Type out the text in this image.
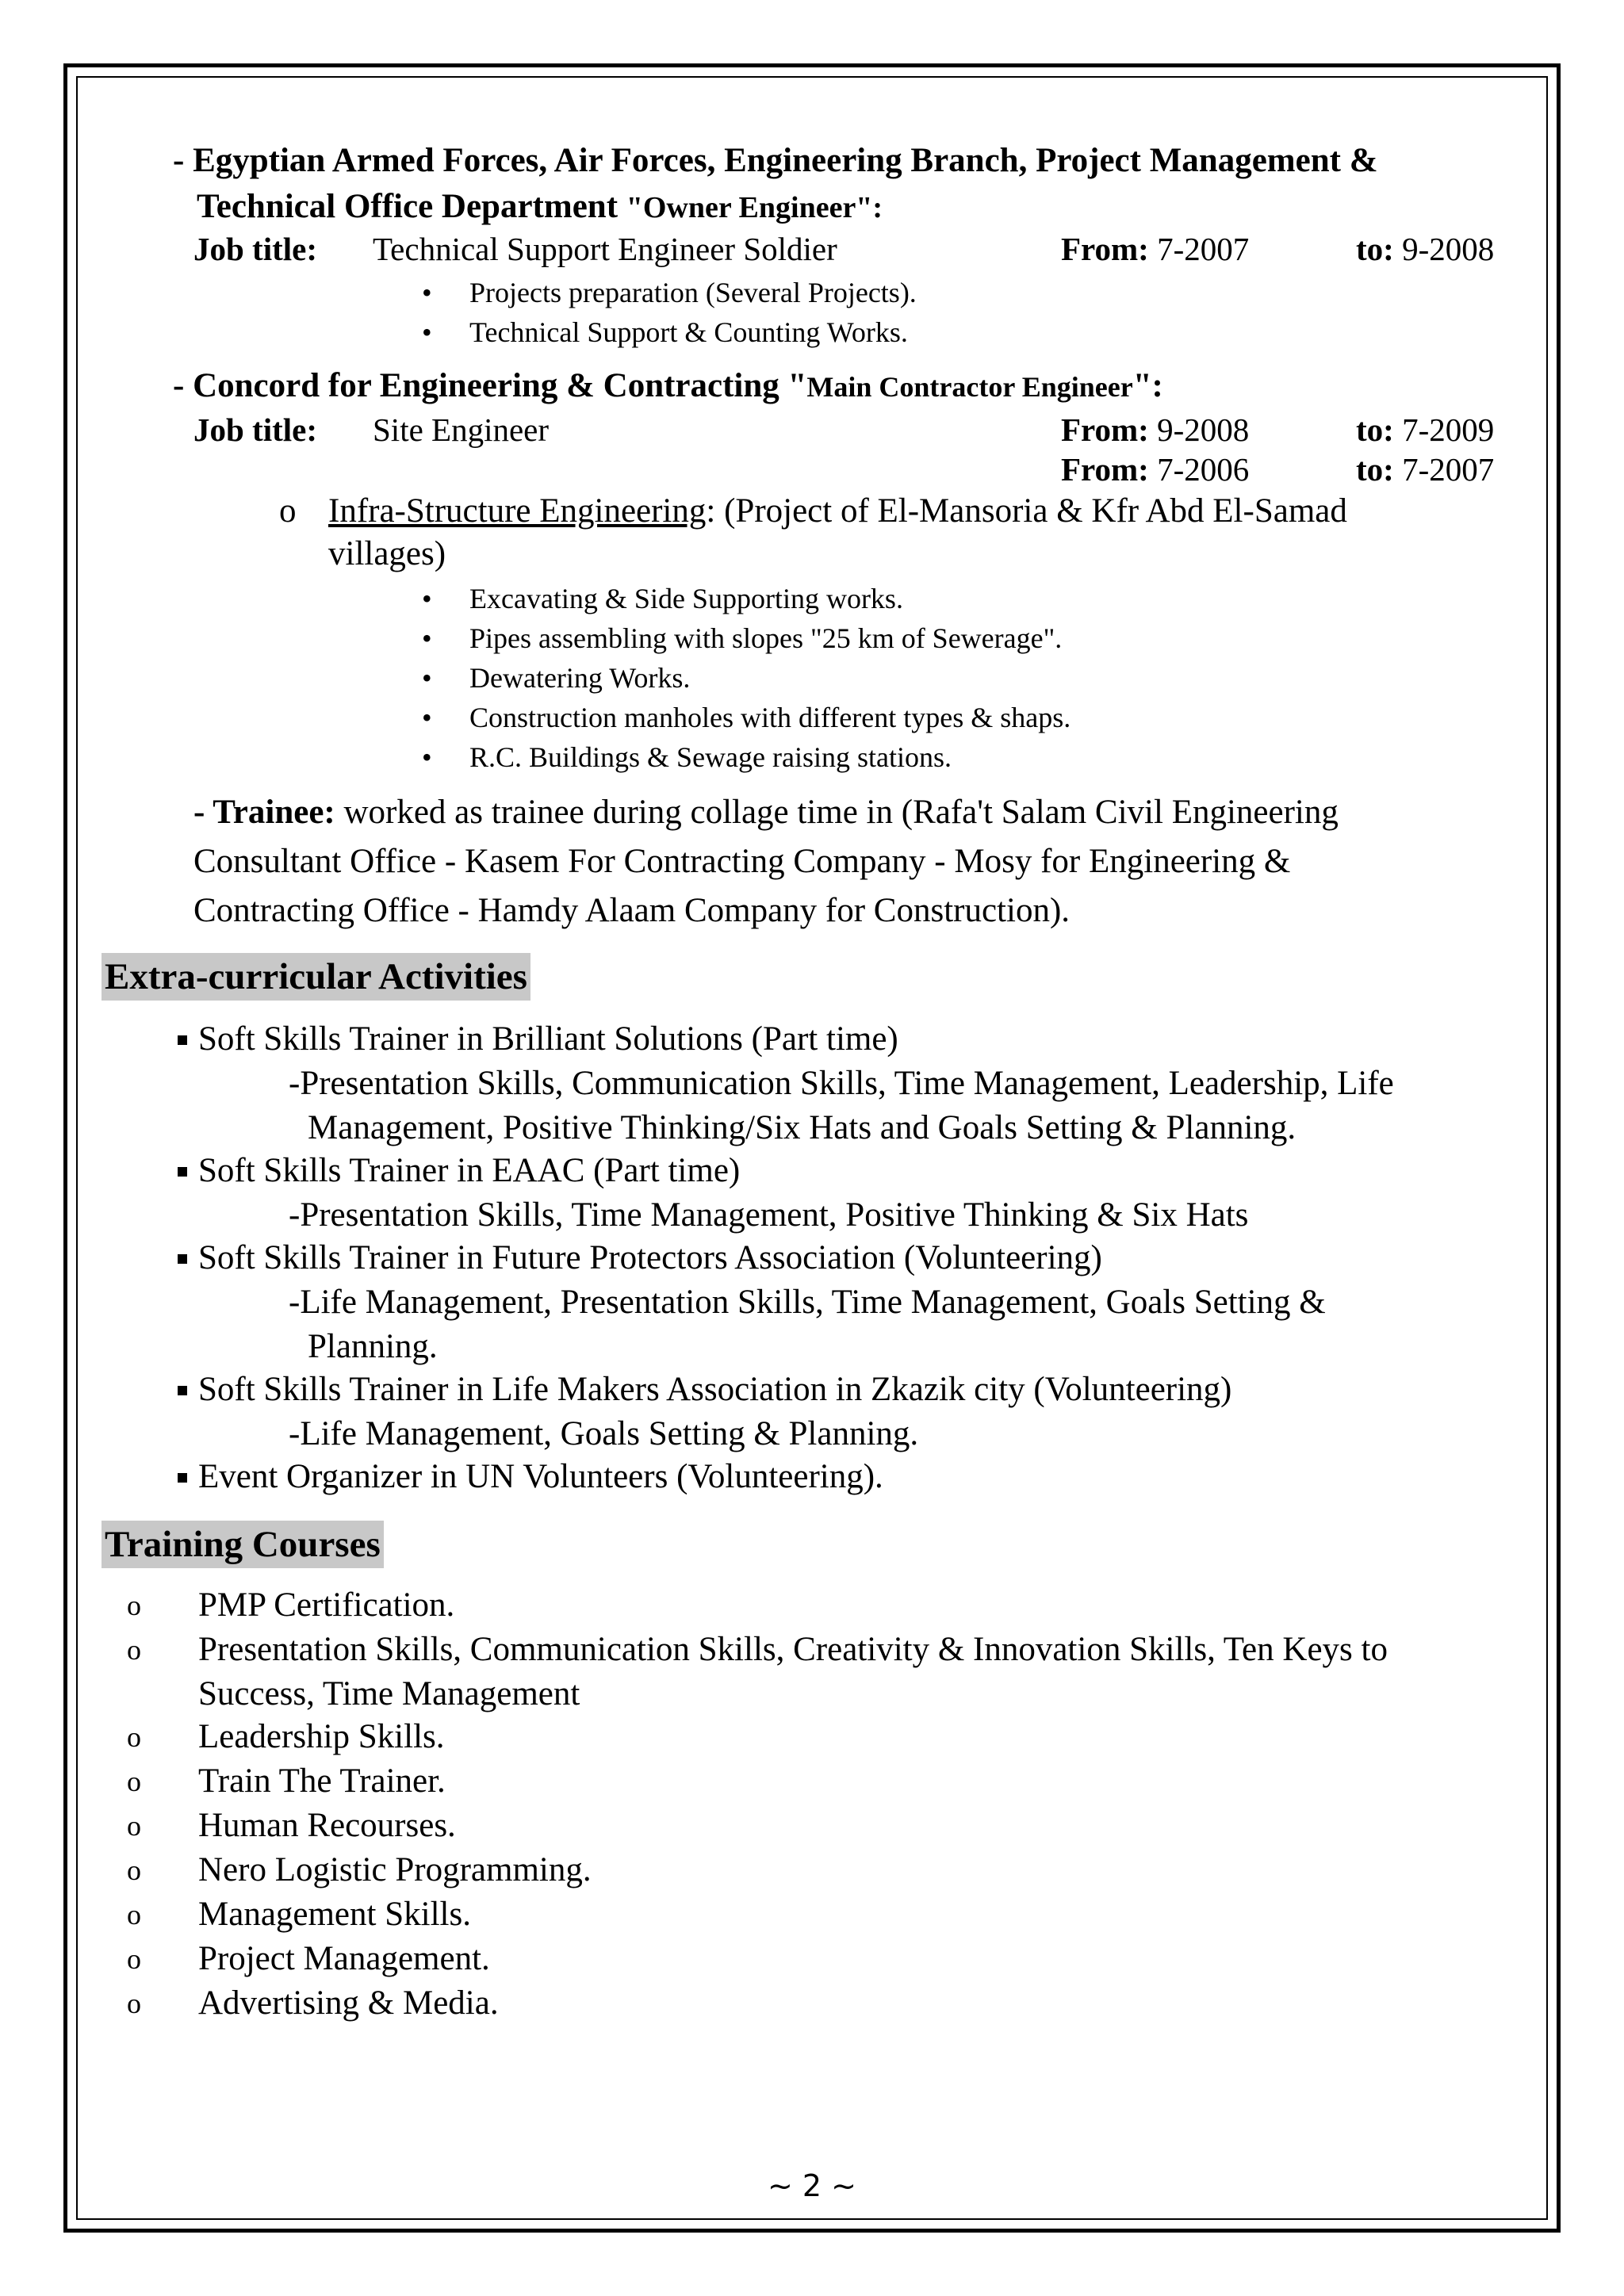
- Egyptian Armed Forces, Air Forces, Engineering Branch, Project Management &
Technical Office Department "Owner Engineer":
Job title: Technical Support Engineer Soldier	From: 7-2007	to: 9-2008
• Projects preparation (Several Projects).
• Technical Support & Counting Works.
- Concord for Engineering & Contracting "Main Contractor Engineer":
Job title: Site Engineer	From: 9-2008	to: 7-2009
From: 7-2006	to: 7-2007
o Infra-Structure Engineering: (Project of El-Mansoria & Kfr Abd El-Samad
villages)
• Excavating & Side Supporting works.
• Pipes assembling with slopes "25 km of Sewerage".
• Dewatering Works.
• Construction manholes with different types & shaps.
• R.C. Buildings & Sewage raising stations.
- Trainee: worked as trainee during collage time in (Rafa't Salam Civil Engineering
Consultant Office - Kasem For Contracting Company - Mosy for Engineering &
Contracting Office - Hamdy Alaam Company for Construction).
Extra-curricular Activities
Soft Skills Trainer in Brilliant Solutions (Part time)
-Presentation Skills, Communication Skills, Time Management, Leadership, Life
Management, Positive Thinking/Six Hats and Goals Setting & Planning.
Soft Skills Trainer in EAAC (Part time)
-Presentation Skills, Time Management, Positive Thinking & Six Hats
Soft Skills Trainer in Future Protectors Association (Volunteering)
-Life Management, Presentation Skills, Time Management, Goals Setting &
Planning.
Soft Skills Trainer in Life Makers Association in Zkazik city (Volunteering)
-Life Management, Goals Setting & Planning.
Event Organizer in UN Volunteers (Volunteering).
Training Courses
o PMP Certification.
o Presentation Skills, Communication Skills, Creativity & Innovation Skills, Ten Keys to
Success, Time Management
o Leadership Skills.
o Train The Trainer.
o Human Recourses.
o Nero Logistic Programming.
o Management Skills.
o Project Management.
o Advertising & Media.
~ 2 ~
